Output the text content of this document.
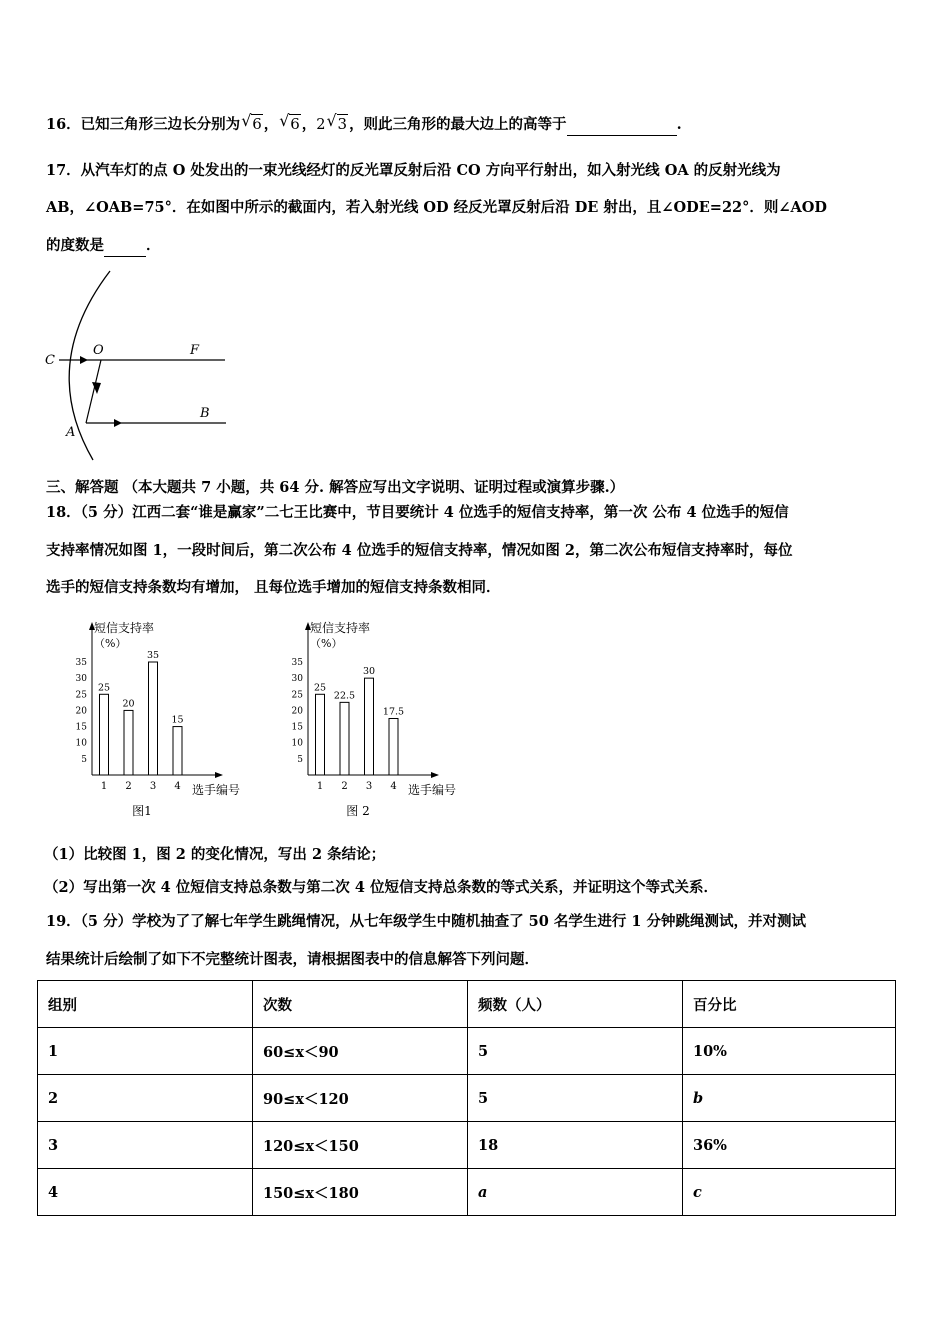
16．已知三角形三边长分别为 √ 6 ， √ 6 ，2 √ 3 ，则此三角形的最大边上的高等于	.
17．从汽车灯的点 O 处发出的一束光线经灯的反光罩反射后沿 CO 方向平行射出，如入射光线 OA 的反射光线为
AB，∠OAB=75°．在如图中所示的截面内，若入射光线 OD 经反光罩反射后沿 DE 射出，且∠ODE=22°．则∠AOD
的度数是	．
C
O	F
A
B
三、解答题 （本大题共 7 小题，共 64 分. 解答应写出文字说明、证明过程或演算步骤.）
18．（5 分）江西二套“谁是赢家”二七王比赛中，节目要统计 4 位选手的短信支持率，第一次 公布 4 位选手的短信
支持率情况如图 1，一段时间后，第二次公布 4 位选手的短信支持率，情况如图 2，第二次公布短信支持率时，每位
选手的短信支持条数均有增加， 且每位选手增加的短信支持条数相同．
短信支持率
（%）
选手编号
5
10
15
20
25
30
35
25
1
20
2
35
3
15
4
图1
短信支持率
（%）
选手编号
5
10
15
20
25
30
35
25
1
22.5
2
30
3
17.5
4
图 2
（1）比较图 1，图 2 的变化情况，写出 2 条结论；
（2）写出第一次 4 位短信支持总条数与第二次 4 位短信支持总条数的等式关系，并证明这个等式关系．
19．（5 分）学校为了了解七年学生跳绳情况，从七年级学生中随机抽查了 50 名学生进行 1 分钟跳绳测试，并对测试
结果统计后绘制了如下不完整统计图表，请根据图表中的信息解答下列问题．
组别	次数	频数（人）	百分比
1	60≤x＜90	5	10%
2	90≤x＜120	5	b
3	120≤x＜150	18	36%
4	150≤x＜180	a	c
